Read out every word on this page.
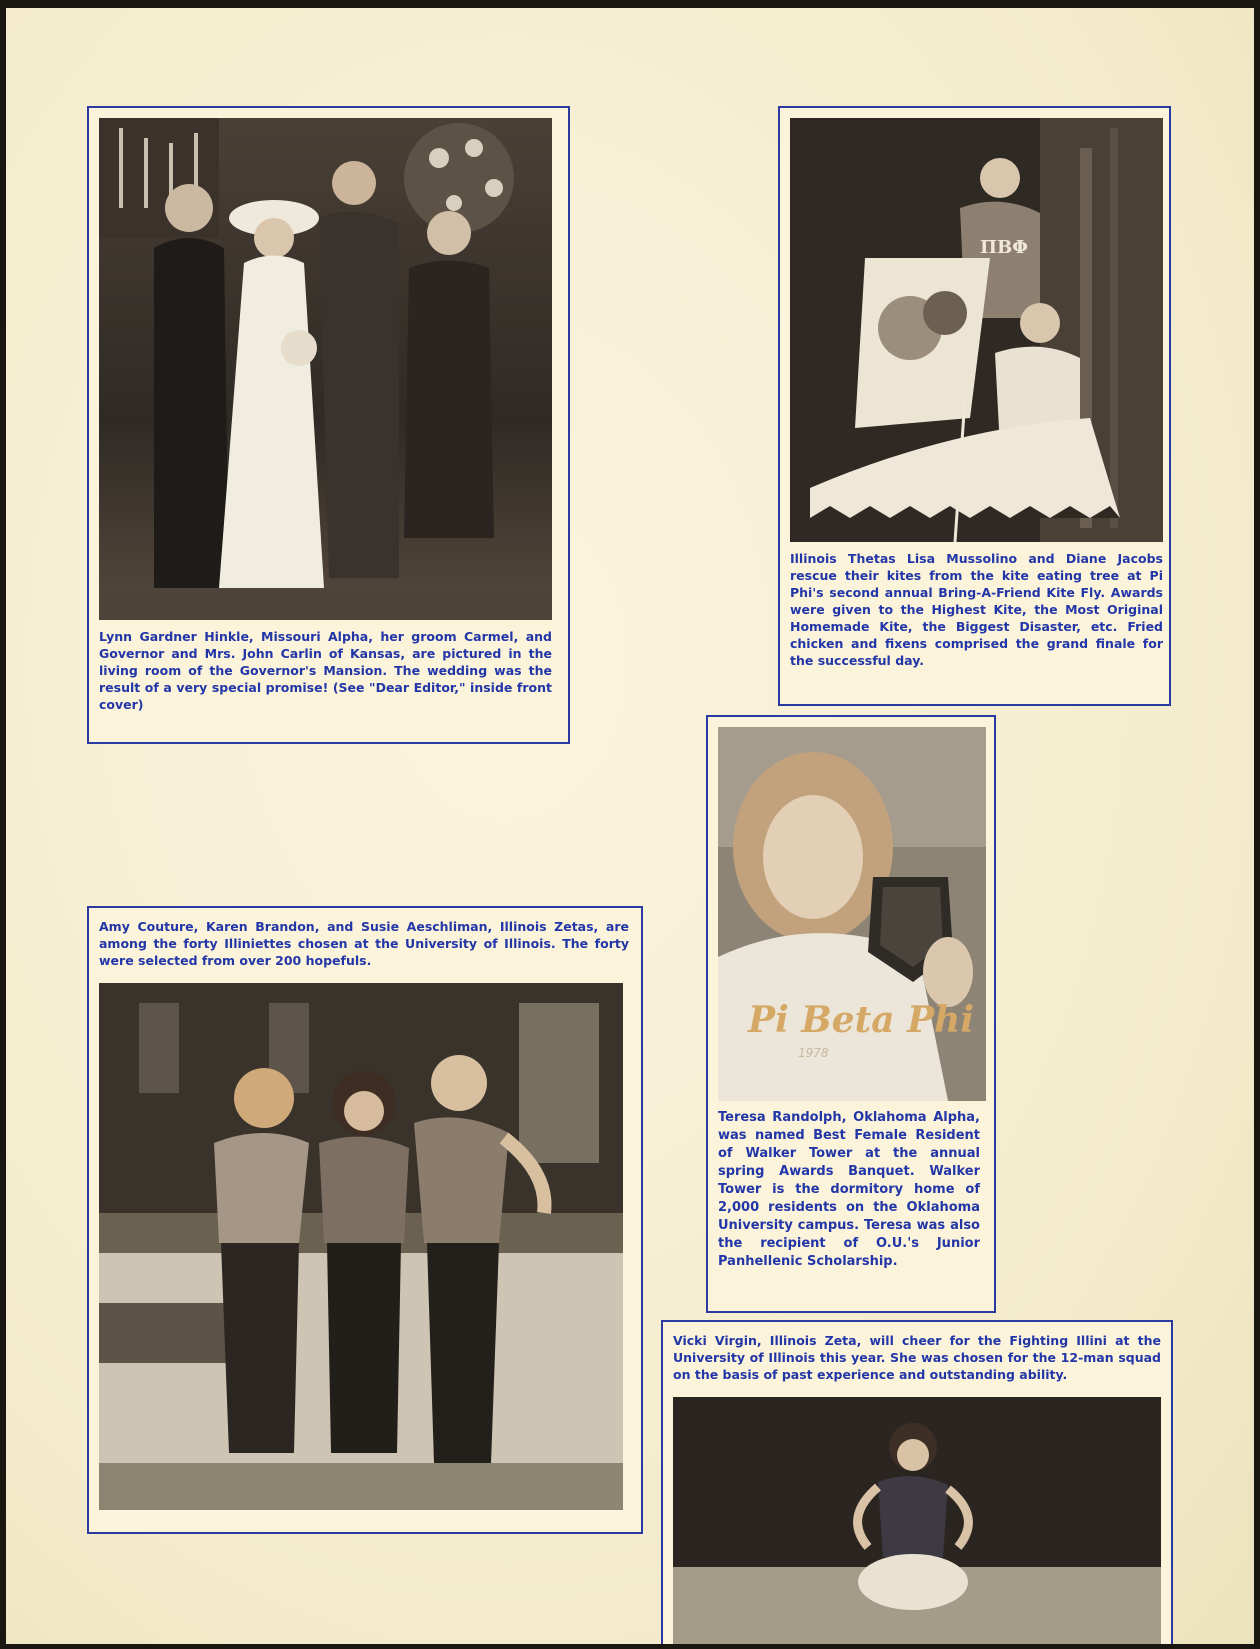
Lynn Gardner Hinkle, Missouri Alpha, her groom Carmel, and Governor and Mrs. John Carlin of Kansas, are pictured in the living room of the Governor's Mansion. The wedding was the result of a very special promise! (See "Dear Editor," inside front cover)

ΠΒΦ

Illinois Thetas Lisa Mussolino and Diane Jacobs rescue their kites from the kite eating tree at Pi Phi's second annual Bring-A-Friend Kite Fly. Awards were given to the Highest Kite, the Most Original Homemade Kite, the Biggest Disaster, etc. Fried chicken and fixens comprised the grand finale for the successful day.

Pi Beta Phi
1978

Teresa Randolph, Oklahoma Alpha, was named Best Female Resident of Walker Tower at the annual spring Awards Banquet. Walker Tower is the dormitory home of 2,000 residents on the Oklahoma University campus. Teresa was also the recipient of O.U.'s Junior Panhellenic Scholarship.

Amy Couture, Karen Brandon, and Susie Aeschliman, Illinois Zetas, are among the forty Illiniettes chosen at the University of Illinois. The forty were selected from over 200 hopefuls.

Vicki Virgin, Illinois Zeta, will cheer for the Fighting Illini at the University of Illinois this year. She was chosen for the 12-man squad on the basis of past experience and outstanding ability.
